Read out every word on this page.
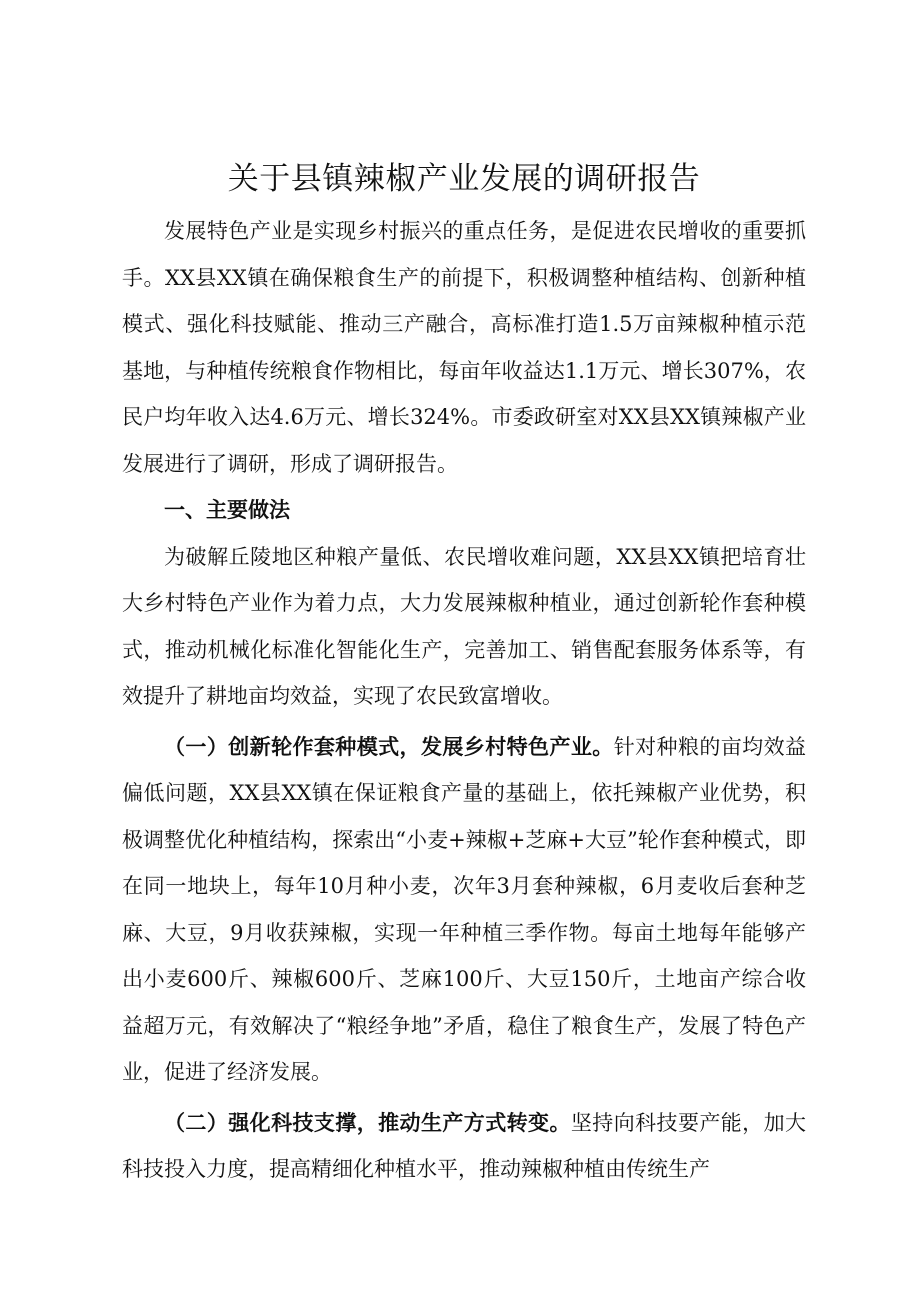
关于县镇辣椒产业发展的调研报告

发展特色产业是实现乡村振兴的重点任务，是促进农民增收的重要抓手。XX县XX镇在确保粮食生产的前提下，积极调整种植结构、创新种植模式、强化科技赋能、推动三产融合，高标准打造1.5万亩辣椒种植示范基地，与种植传统粮食作物相比，每亩年收益达1.1万元、增长307%，农民户均年收入达4.6万元、增长324%。市委政研室对XX县XX镇辣椒产业发展进行了调研，形成了调研报告。

一、主要做法

为破解丘陵地区种粮产量低、农民增收难问题，XX县XX镇把培育壮大乡村特色产业作为着力点，大力发展辣椒种植业，通过创新轮作套种模式，推动机械化标准化智能化生产，完善加工、销售配套服务体系等，有效提升了耕地亩均效益，实现了农民致富增收。

（一）创新轮作套种模式，发展乡村特色产业。针对种粮的亩均效益偏低问题，XX县XX镇在保证粮食产量的基础上，依托辣椒产业优势，积极调整优化种植结构，探索出“小麦+辣椒+芝麻+大豆”轮作套种模式，即在同一地块上，每年10月种小麦，次年3月套种辣椒，6月麦收后套种芝麻、大豆，9月收获辣椒，实现一年种植三季作物。每亩土地每年能够产出小麦600斤、辣椒600斤、芝麻100斤、大豆150斤，土地亩产综合收益超万元，有效解决了“粮经争地”矛盾，稳住了粮食生产，发展了特色产业，促进了经济发展。

（二）强化科技支撑，推动生产方式转变。坚持向科技要产能，加大科技投入力度，提高精细化种植水平，推动辣椒种植由传统生产
